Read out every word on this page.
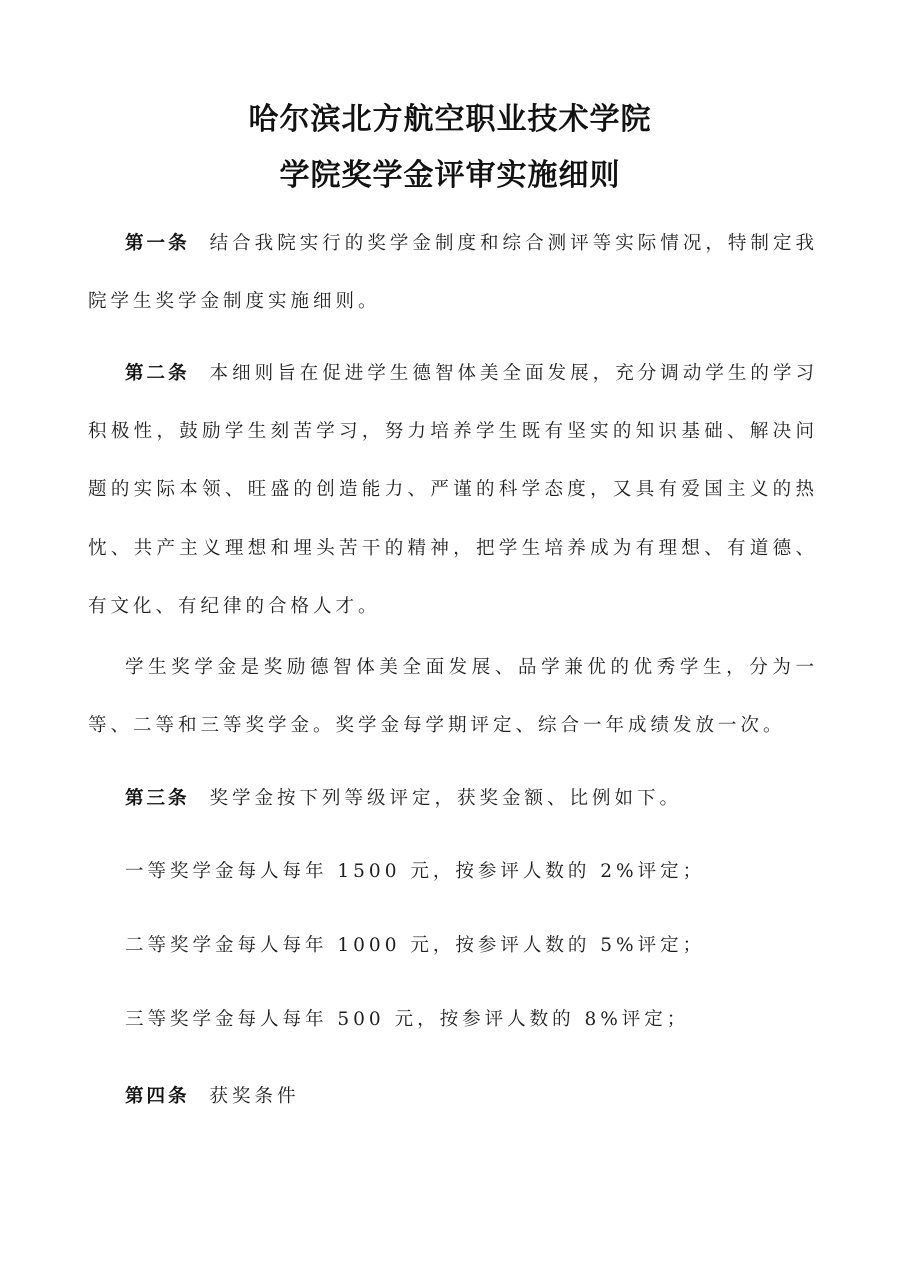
哈尔滨北方航空职业技术学院
学院奖学金评审实施细则
第一条 结合我院实行的奖学金制度和综合测评等实际情况，特制定我院学生奖学金制度实施细则。
第二条 本细则旨在促进学生德智体美全面发展，充分调动学生的学习积极性，鼓励学生刻苦学习，努力培养学生既有坚实的知识基础、解决问题的实际本领、旺盛的创造能力、严谨的科学态度，又具有爱国主义的热忱、共产主义理想和埋头苦干的精神，把学生培养成为有理想、有道德、有文化、有纪律的合格人才。
学生奖学金是奖励德智体美全面发展、品学兼优的优秀学生，分为一等、二等和三等奖学金。奖学金每学期评定、综合一年成绩发放一次。
第三条 奖学金按下列等级评定，获奖金额、比例如下。
一等奖学金每人每年 1500 元，按参评人数的 2%评定；
二等奖学金每人每年 1000 元，按参评人数的 5%评定；
三等奖学金每人每年 500 元，按参评人数的 8%评定；
第四条 获奖条件
